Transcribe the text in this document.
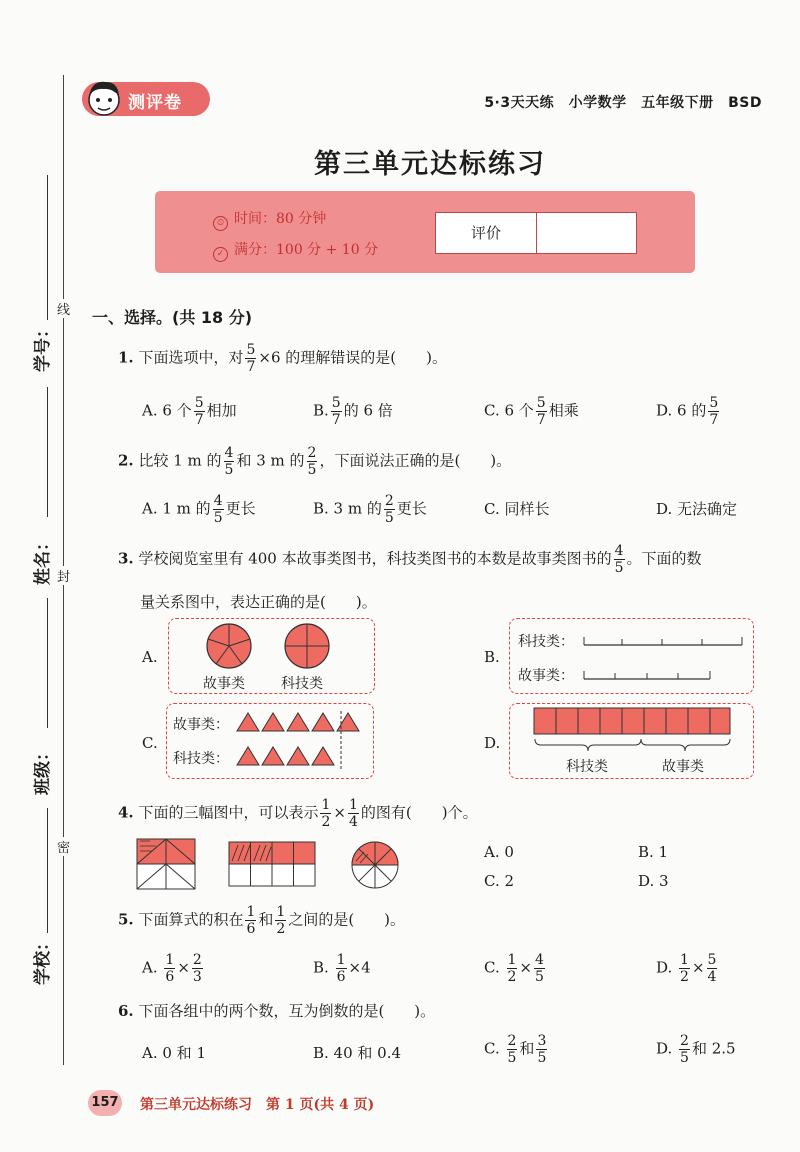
测评卷	5·3天天练　小学数学　五年级下册　BSD
第三单元达标练习
⏲ 时间：80 分钟
✓ 满分：100 分 + 10 分
评价
学号：
姓名：
班级：
学校：
线
封
密
一、选择。(共 18 分)
1. 下面选项中，对 $\frac{5}{7} \times 6$ 的理解错误的是(　　)。
A. 6 个 $\frac{5}{7}$ 相加	B. $\frac{5}{7}$ 的 6 倍	C. 6 个 $\frac{5}{7}$ 相乘	D. 6 的 $\frac{5}{7}$
2. 比较 1 m 的 $\frac{4}{5}$ 和 3 m 的 $\frac{2}{5}$ ，下面说法正确的是(　　)。
A. 1 m 的 $\frac{4}{5}$ 更长	B. 3 m 的 $\frac{2}{5}$ 更长	C. 同样长	D. 无法确定
3. 学校阅览室里有 400 本故事类图书，科技类图书的本数是故事类图书的 $\frac{4}{5}$ 。下面的数
量关系图中，表达正确的是(　　)。
A.
故事类	科技类
B.
科技类：
故事类：
C.
故事类：
科技类：
D.
科技类	故事类
4. 下面的三幅图中，可以表示 $\frac{1}{2} \times \frac{1}{4}$ 的图有(　　)个。
A. 0	B. 1
C. 2	D. 3
5. 下面算式的积在 $\frac{1}{6}$ 和 $\frac{1}{2}$ 之间的是(　　)。
A. $\frac{1}{6} \times \frac{2}{3}$	B. $\frac{1}{6} \times 4$	C. $\frac{1}{2} \times \frac{4}{5}$	D. $\frac{1}{2} \times \frac{5}{4}$
6. 下面各组中的两个数，互为倒数的是(　　)。
A. 0 和 1	B. 40 和 0.4	C. $\frac{2}{5}$ 和 $\frac{3}{5}$	D. $\frac{2}{5}$ 和 2.5
157 第三单元达标练习　第 1 页(共 4 页)
